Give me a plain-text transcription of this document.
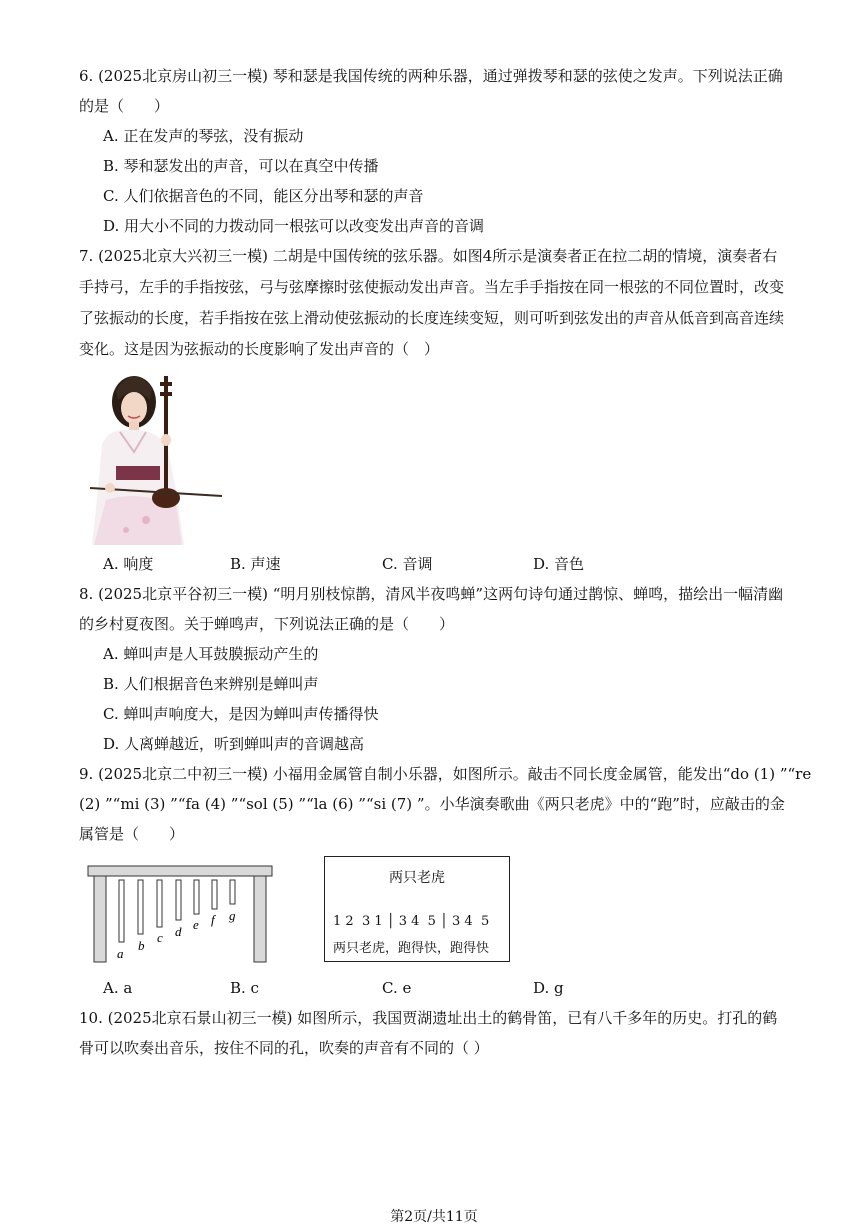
6. (2025北京房山初三一模) 琴和瑟是我国传统的两种乐器，通过弹拨琴和瑟的弦使之发声。下列说法正确
的是（　　）
A. 正在发声的琴弦，没有振动
B. 琴和瑟发出的声音，可以在真空中传播
C. 人们依据音色的不同，能区分出琴和瑟的声音
D. 用大小不同的力拨动同一根弦可以改变发出声音的音调
7. (2025北京大兴初三一模) 二胡是中国传统的弦乐器。如图4所示是演奏者正在拉二胡的情境，演奏者右
手持弓，左手的手指按弦，弓与弦摩擦时弦使振动发出声音。当左手手指按在同一根弦的不同位置时，改变
了弦振动的长度，若手指按在弦上滑动使弦振动的长度连续变短，则可听到弦发出的声音从低音到高音连续
变化。这是因为弦振动的长度影响了发出声音的（　）
A. 响度	B. 声速	C. 音调	D. 音色
8. (2025北京平谷初三一模) “明月别枝惊鹊，清风半夜鸣蝉”这两句诗句通过鹊惊、蝉鸣，描绘出一幅清幽
的乡村夏夜图。关于蝉鸣声，下列说法正确的是（　　）
A. 蝉叫声是人耳鼓膜振动产生的
B. 人们根据音色来辨别是蝉叫声
C. 蝉叫声响度大，是因为蝉叫声传播得快
D. 人离蝉越近，听到蝉叫声的音调越高
9. (2025北京二中初三一模) 小福用金属管自制小乐器，如图所示。敲击不同长度金属管，能发出“do (1) ”“re
(2) ”“mi (3) ”“fa (4) ”“sol (5) ”“la (6) ”“si (7) ”。小华演奏歌曲《两只老虎》中的“跑”时，应敲击的金
属管是（　　）
a
b
c d e f g
两只老虎
1 2  3 1 │ 3 4  5 │ 3 4  5
两只老虎，跑得快，跑得快
A. a	B. c	C. e	D. g
10. (2025北京石景山初三一模) 如图所示，我国贾湖遗址出土的鹤骨笛，已有八千多年的历史。打孔的鹤
骨可以吹奏出音乐，按住不同的孔，吹奏的声音有不同的（ ）
第2页/共11页
